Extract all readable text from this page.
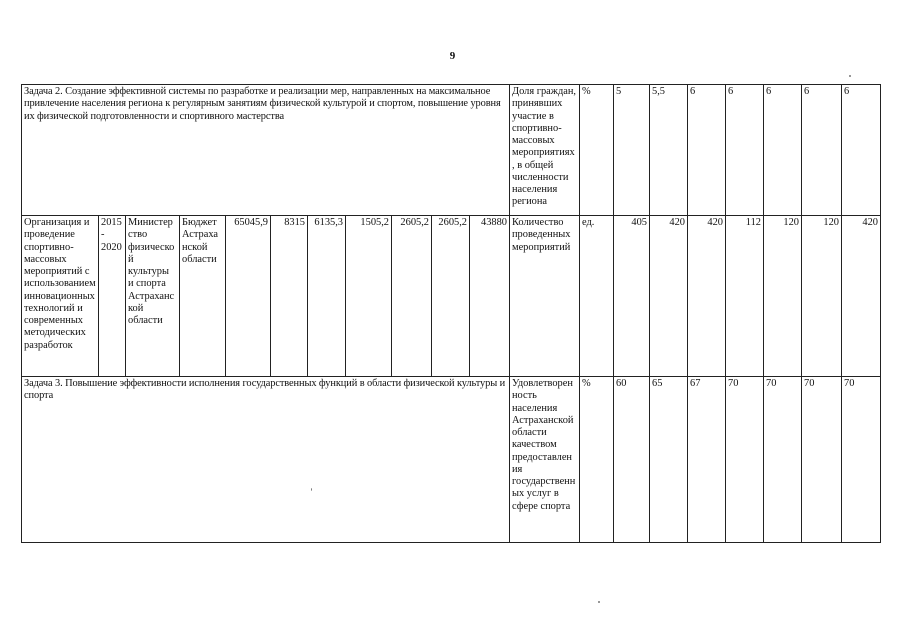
9
Задача 2. Создание эффективной системы по разработке и реализации мер, направленных на максимальное привлечение населения региона к регулярным занятиям физической культурой и спортом, повышение уровня их физической подготовленности и спортивного мастерства											Доля граждан, принявших участие в спортивно-массовых мероприятиях, в общей численности населения региона	%	5	5,5	6	6	6	6	6
Организация и проведение спортивно-массовых мероприятий с использованием инновационных технологий и современных методических разработок	2015 - 2020	Министерство физической культуры и спорта Астраханской области	Бюджет Астраханской области	65045,9	8315	6135,3	1505,2	2605,2	2605,2	43880	Количество проведенных мероприятий	ед.	405	420	420	112	120	120	420
Задача 3. Повышение эффективности исполнения государственных функций в области физической культуры и спорта											Удовлетворенность населения Астраханской области качеством предоставления государственных услуг в сфере спорта	%	60	65	67	70	70	70	70
